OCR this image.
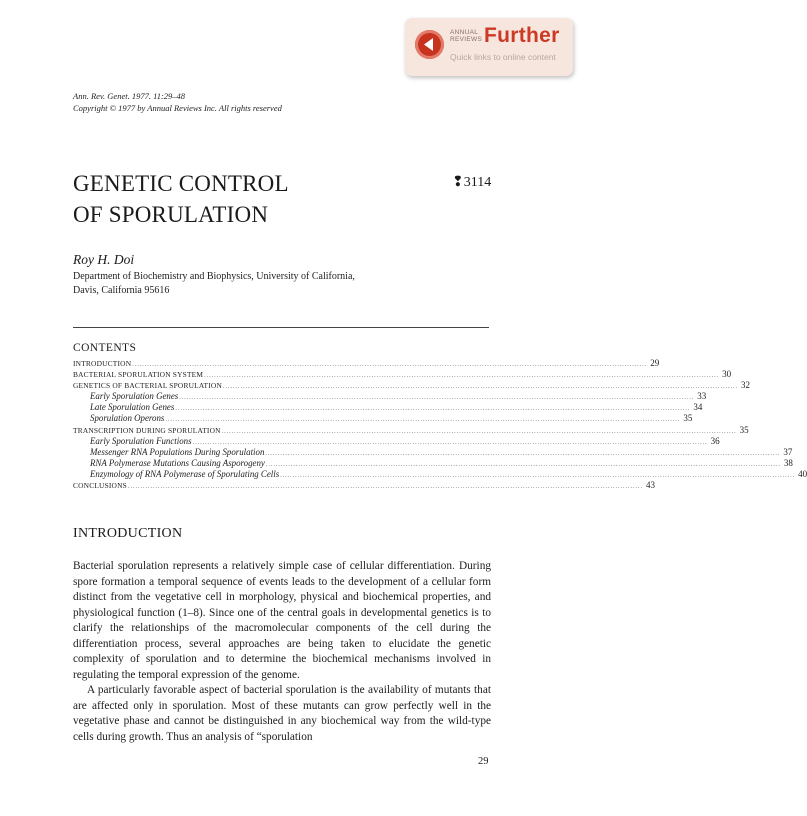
ANNUAL
REVIEWS Further
Quick links to online content
Ann. Rev. Genet. 1977. 11:29–48
Copyright © 1977 by Annual Reviews Inc. All rights reserved
GENETIC CONTROL
OF SPORULATION
❢3114
Roy H. Doi
Department of Biochemistry and Biophysics, University of California,
Davis, California 95616
CONTENTS
INTRODUCTION .............................................................................................................................................................................................................. 29
BACTERIAL SPORULATION SYSTEM .............................................................................................................................................................................................................. 30
GENETICS OF BACTERIAL SPORULATION .............................................................................................................................................................................................................. 32
Early Sporulation Genes .............................................................................................................................................................................................................. 33
Late Sporulation Genes .............................................................................................................................................................................................................. 34
Sporulation Operons .............................................................................................................................................................................................................. 35
TRANSCRIPTION DURING SPORULATION .............................................................................................................................................................................................................. 35
Early Sporulation Functions .............................................................................................................................................................................................................. 36
Messenger RNA Populations During Sporulation .............................................................................................................................................................................................................. 37
RNA Polymerase Mutations Causing Asporogeny .............................................................................................................................................................................................................. 38
Enzymology of RNA Polymerase of Sporulating Cells .............................................................................................................................................................................................................. 40
CONCLUSIONS .............................................................................................................................................................................................................. 43
INTRODUCTION

Bacterial sporulation represents a relatively simple case of cellular differentiation. During spore formation a temporal sequence of events leads to the development of a cellular form distinct from the vegetative cell in morphology, physical and biochemical properties, and physiological function (1–8). Since one of the central goals in developmental genetics is to clarify the relationships of the macromolecular components of the cell during the differentiation process, several approaches are being taken to elucidate the genetic complexity of sporulation and to determine the biochemical mechanisms involved in regulating the temporal expression of the genome.

A particularly favorable aspect of bacterial sporulation is the availability of mutants that are affected only in sporulation. Most of these mutants can grow perfectly well in the vegetative phase and cannot be distinguished in any biochemical way from the wild-type cells during growth. Thus an analysis of “sporulation

29
